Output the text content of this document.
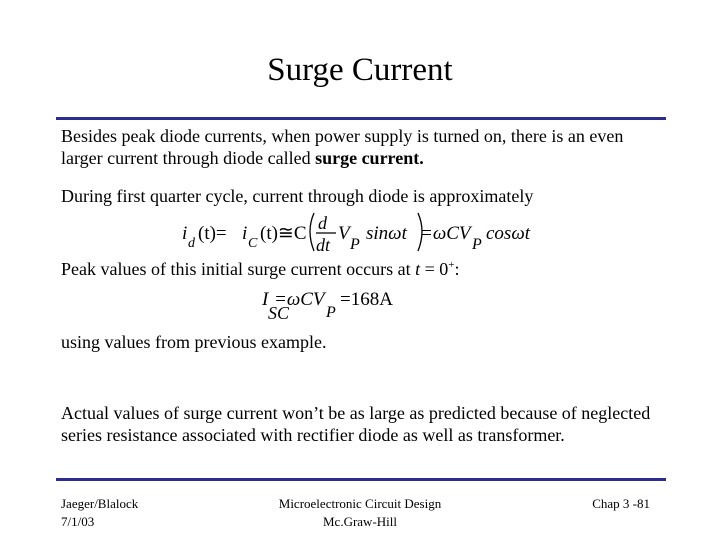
Surge Current
Besides peak diode currents, when power supply is turned on, there is an even larger current through diode called surge current.
During first quarter cycle, current through diode is approximately
i d (t)= i C (t)≅C d
dt
V
P
sinωt =ωCV
P
cosωt
Peak values of this initial surge current occurs at t = 0+:
I
SC
=ωCV
P
=168A
using values from previous example.
Actual values of surge current won’t be as large as predicted because of neglected series resistance associated with rectifier diode as well as transformer.
Jaeger/Blalock
7/1/03
Microelectronic Circuit Design
Mc.Graw-Hill
Chap 3 -81
